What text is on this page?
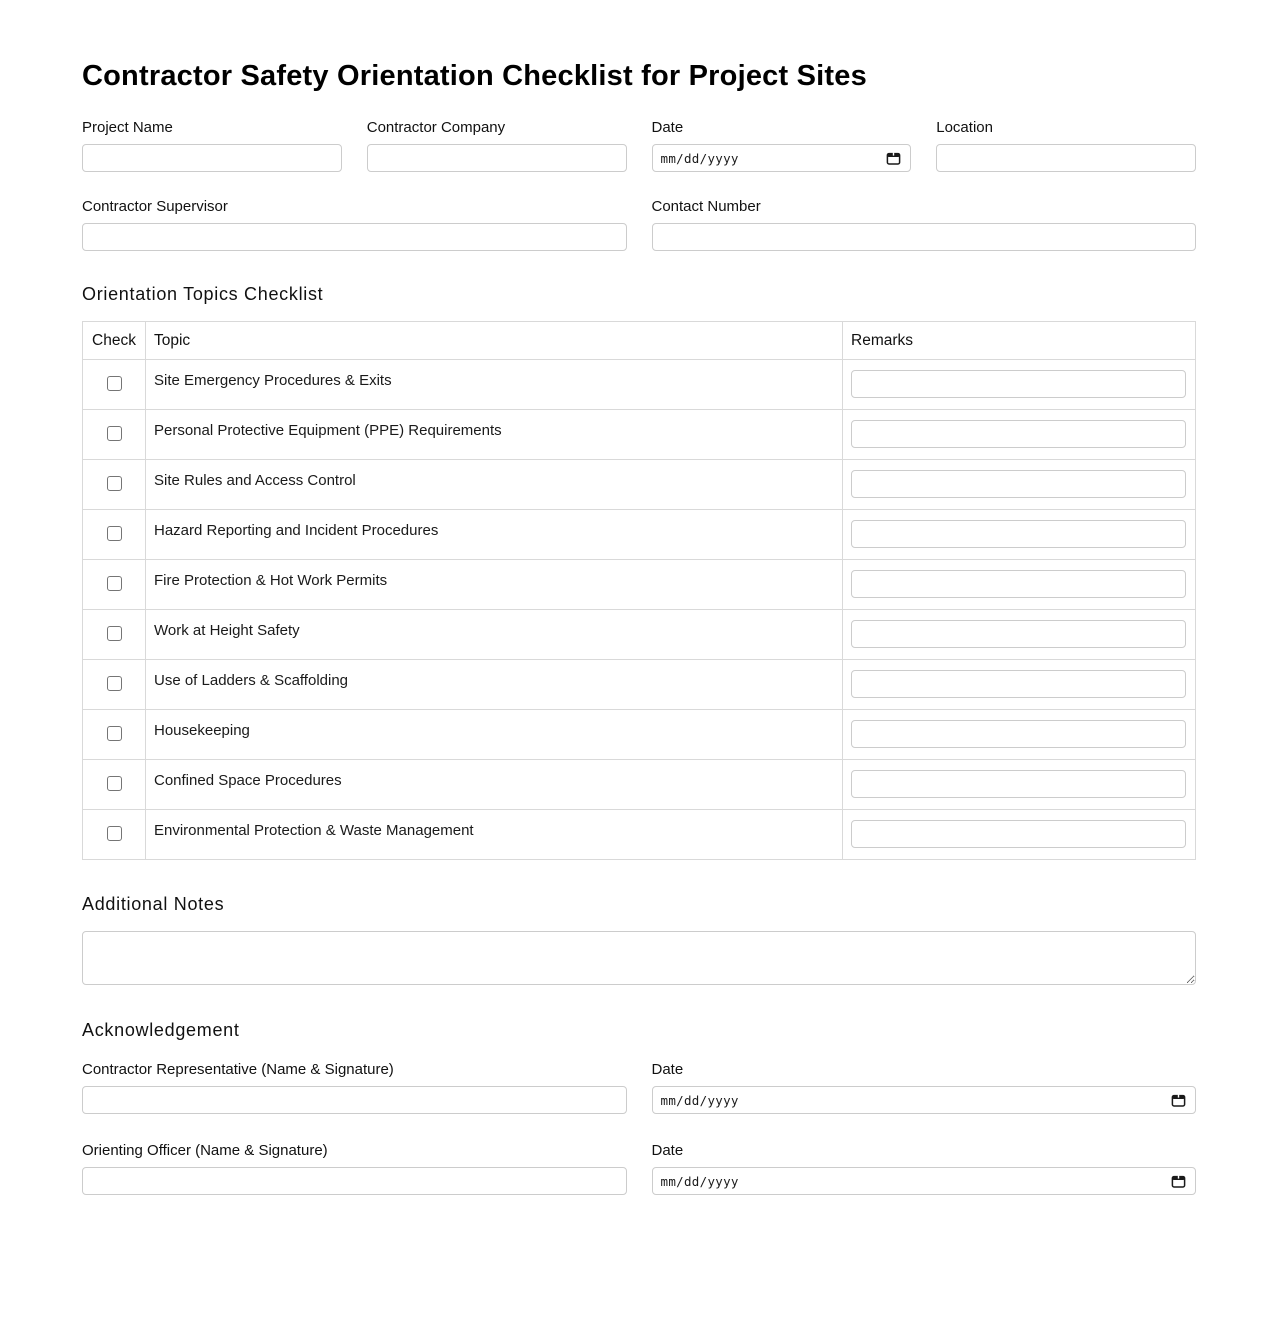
Contractor Safety Orientation Checklist for Project Sites
Project Name	Contractor Company	Date
mm/dd/yyyy
Location
Contractor Supervisor	Contact Number
Orientation Topics Checklist
Check	Topic	Remarks
	Site Emergency Procedures & Exits	
	Personal Protective Equipment (PPE) Requirements	
	Site Rules and Access Control	
	Hazard Reporting and Incident Procedures	
	Fire Protection & Hot Work Permits	
	Work at Height Safety	
	Use of Ladders & Scaffolding	
	Housekeeping	
	Confined Space Procedures	
	Environmental Protection & Waste Management	
Additional Notes
Acknowledgement
Contractor Representative (Name & Signature)	Date
mm/dd/yyyy
Orienting Officer (Name & Signature)	Date
mm/dd/yyyy
